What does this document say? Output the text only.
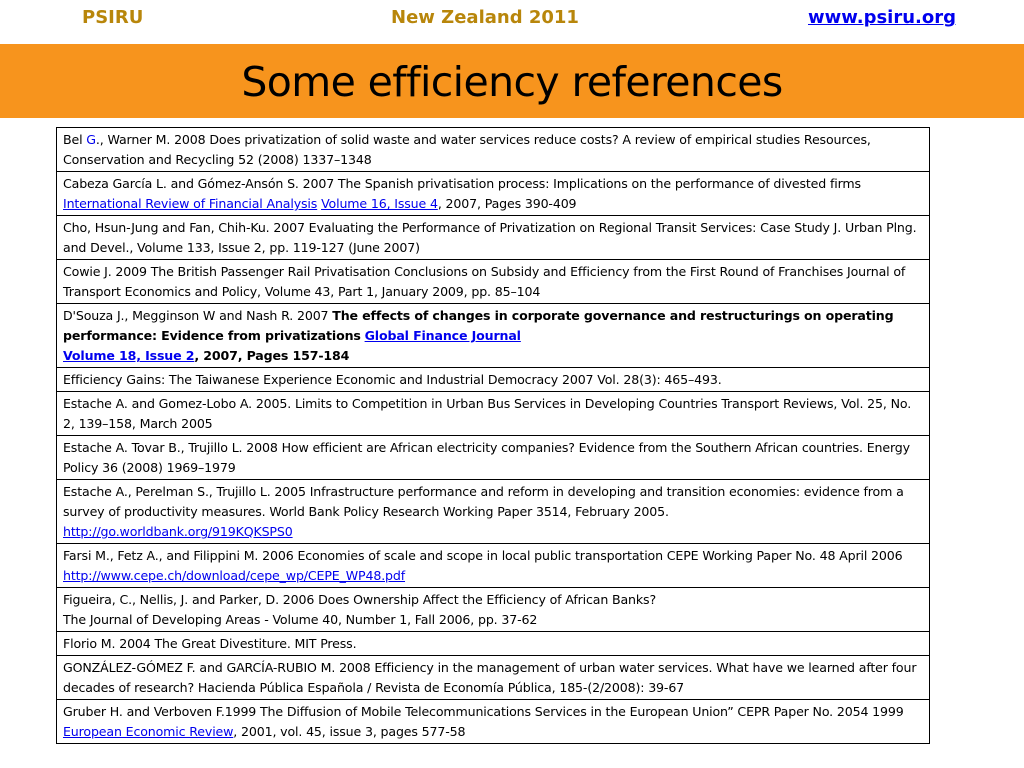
PSIRU	New Zealand 2011	www.psiru.org
Some efficiency references
Bel G., Warner M. 2008 Does privatization of solid waste and water services reduce costs? A review of empirical studies Resources, Conservation and Recycling 52 (2008) 1337–1348
Cabeza García L. and Gómez-Ansón S. 2007 The Spanish privatisation process: Implications on the performance of divested firms International Review of Financial Analysis Volume 16, Issue 4, 2007, Pages 390-409
Cho, Hsun-Jung and Fan, Chih-Ku. 2007 Evaluating the Performance of Privatization on Regional Transit Services: Case Study J. Urban Plng. and Devel., Volume 133, Issue 2, pp. 119-127 (June 2007)
Cowie J. 2009 The British Passenger Rail Privatisation Conclusions on Subsidy and Efficiency from the First Round of Franchises Journal of Transport Economics and Policy, Volume 43, Part 1, January 2009, pp. 85–104
D'Souza J., Megginson W and Nash R. 2007 The effects of changes in corporate governance and restructurings on operating performance: Evidence from privatizations Global Finance Journal
Volume 18, Issue 2, 2007, Pages 157-184
Efficiency Gains: The Taiwanese Experience Economic and Industrial Democracy 2007 Vol. 28(3): 465–493.
Estache A. and Gomez-Lobo A. 2005. Limits to Competition in Urban Bus Services in Developing Countries Transport Reviews, Vol. 25, No. 2, 139–158, March 2005
Estache A. Tovar B., Trujillo L. 2008 How efficient are African electricity companies? Evidence from the Southern African countries. Energy Policy 36 (2008) 1969–1979
Estache A., Perelman S., Trujillo L. 2005 Infrastructure performance and reform in developing and transition economies: evidence from a survey of productivity measures. World Bank Policy Research Working Paper 3514, February 2005.
http://go.worldbank.org/919KQKSPS0
Farsi M., Fetz A., and Filippini M. 2006 Economies of scale and scope in local public transportation CEPE Working Paper No. 48 April 2006 http://www.cepe.ch/download/cepe_wp/CEPE_WP48.pdf
Figueira, C., Nellis, J. and Parker, D. 2006 Does Ownership Affect the Efficiency of African Banks?
The Journal of Developing Areas - Volume 40, Number 1, Fall 2006, pp. 37-62
Florio M. 2004 The Great Divestiture. MIT Press.
GONZÁLEZ-GÓMEZ F. and GARCÍA-RUBIO M. 2008 Efficiency in the management of urban water services. What have we learned after four decades of research? Hacienda Pública Española / Revista de Economía Pública, 185-(2/2008): 39-67
Gruber H. and Verboven F.1999 The Diffusion of Mobile Telecommunications Services in the European Union” CEPR Paper No. 2054 1999 European Economic Review, 2001, vol. 45, issue 3, pages 577-58
